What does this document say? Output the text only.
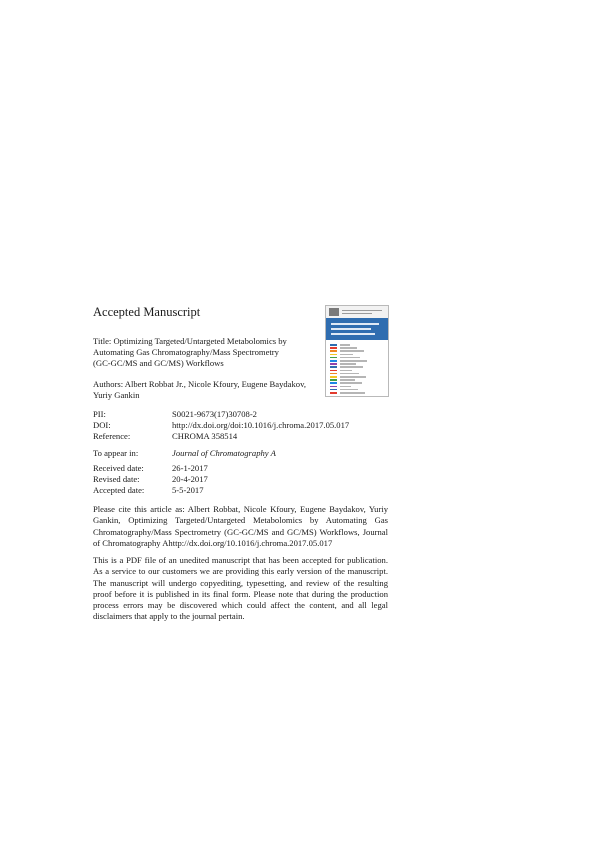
Accepted Manuscript
Title: Optimizing Targeted/Untargeted Metabolomics by
Automating Gas Chromatography/Mass Spectrometry
(GC-GC/MS and GC/MS) Workflows
Authors: Albert Robbat Jr., Nicole Kfoury, Eugene Baydakov,
Yuriy Gankin
PII:	S0021-9673(17)30708-2
DOI:	http://dx.doi.org/doi:10.1016/j.chroma.2017.05.017
Reference:	CHROMA 358514
To appear in:	Journal of Chromatography A
Received date:	26-1-2017
Revised date:	20-4-2017
Accepted date:	5-5-2017

Please cite this article as: Albert Robbat, Nicole Kfoury, Eugene Baydakov, Yuriy Gankin, Optimizing Targeted/Untargeted Metabolomics by Automating Gas Chromatography/Mass Spectrometry (GC-GC/MS and GC/MS) Workflows, Journal of Chromatography Ahttp://dx.doi.org/10.1016/j.chroma.2017.05.017

This is a PDF file of an unedited manuscript that has been accepted for publication. As a service to our customers we are providing this early version of the manuscript. The manuscript will undergo copyediting, typesetting, and review of the resulting proof before it is published in its final form. Please note that during the production process errors may be discovered which could affect the content, and all legal disclaimers that apply to the journal pertain.
